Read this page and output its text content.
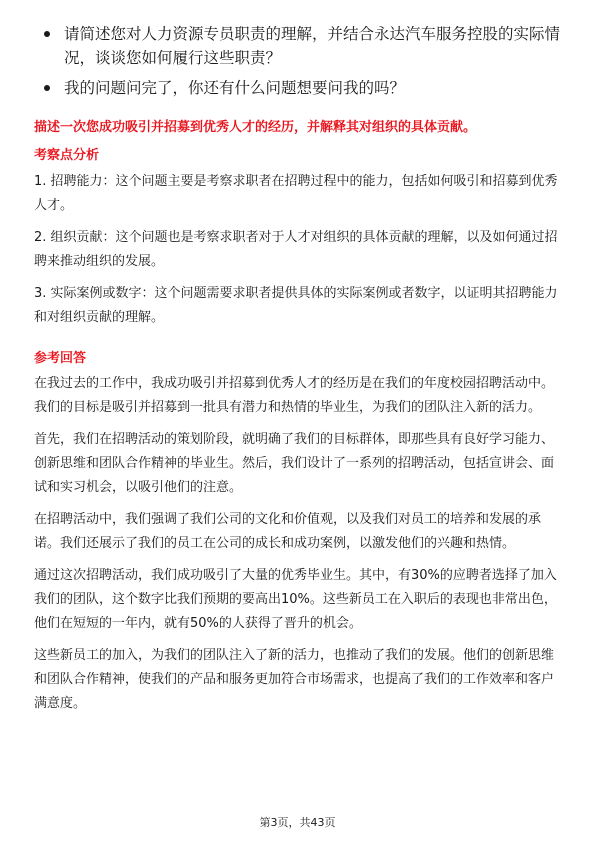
请简述您对人力资源专员职责的理解，并结合永达汽车服务控股的实际情况，谈谈您如何履行这些职责？
我的问题问完了，你还有什么问题想要问我的吗？
描述一次您成功吸引并招募到优秀人才的经历，并解释其对组织的具体贡献。
考察点分析

1. 招聘能力：这个问题主要是考察求职者在招聘过程中的能力，包括如何吸引和招募到优秀人才。

2. 组织贡献：这个问题也是考察求职者对于人才对组织的具体贡献的理解，以及如何通过招聘来推动组织的发展。

3. 实际案例或数字：这个问题需要求职者提供具体的实际案例或者数字，以证明其招聘能力和对组织贡献的理解。

参考回答

在我过去的工作中，我成功吸引并招募到优秀人才的经历是在我们的年度校园招聘活动中。我们的目标是吸引并招募到一批具有潜力和热情的毕业生，为我们的团队注入新的活力。

首先，我们在招聘活动的策划阶段，就明确了我们的目标群体，即那些具有良好学习能力、创新思维和团队合作精神的毕业生。然后，我们设计了一系列的招聘活动，包括宣讲会、面试和实习机会，以吸引他们的注意。

在招聘活动中，我们强调了我们公司的文化和价值观，以及我们对员工的培养和发展的承诺。我们还展示了我们的员工在公司的成长和成功案例，以激发他们的兴趣和热情。

通过这次招聘活动，我们成功吸引了大量的优秀毕业生。其中，有30%的应聘者选择了加入我们的团队，这个数字比我们预期的要高出10%。这些新员工在入职后的表现也非常出色，他们在短短的一年内，就有50%的人获得了晋升的机会。

这些新员工的加入，为我们的团队注入了新的活力，也推动了我们的发展。他们的创新思维和团队合作精神，使我们的产品和服务更加符合市场需求，也提高了我们的工作效率和客户满意度。

第3页，共43页
